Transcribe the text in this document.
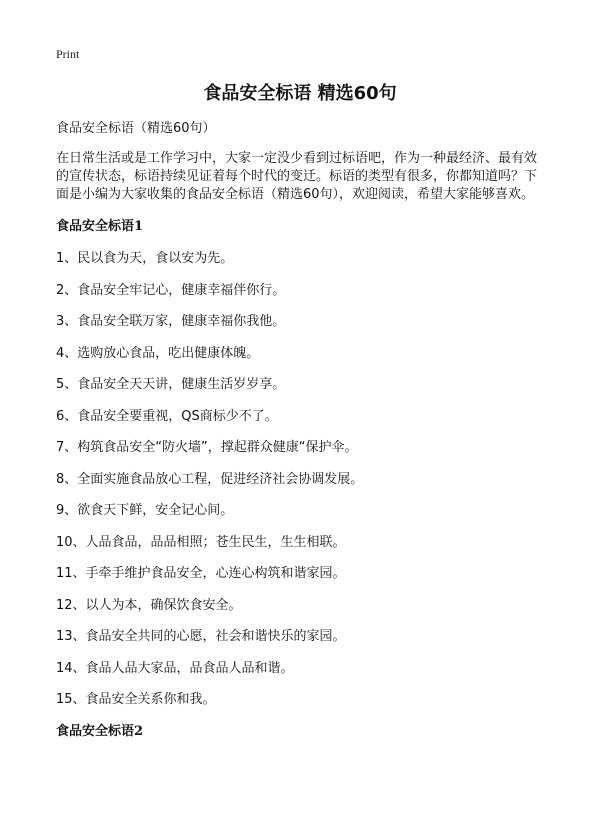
Print
食品安全标语 精选60句

食品安全标语（精选60句）

在日常生活或是工作学习中，大家一定没少看到过标语吧，作为一种最经济、最有效的宣传状态，标语持续见证着每个时代的变迁。标语的类型有很多，你都知道吗？下面是小编为大家收集的食品安全标语（精选60句），欢迎阅读，希望大家能够喜欢。

食品安全标语1
1、民以食为天，食以安为先。
2、食品安全牢记心，健康幸福伴你行。
3、食品安全联万家，健康幸福你我他。
4、选购放心食品，吃出健康体魄。
5、食品安全天天讲，健康生活岁岁享。
6、食品安全要重视，QS商标少不了。
7、构筑食品安全“防火墙”，撑起群众健康“保护伞。
8、全面实施食品放心工程，促进经济社会协调发展。
9、欲食天下鲜，安全记心间。
10、人品食品，品品相照；苍生民生，生生相联。
11、手牵手维护食品安全，心连心构筑和谐家园。
12、以人为本，确保饮食安全。
13、食品安全共同的心愿，社会和谐快乐的家园。
14、食品人品大家品，品食品人品和谐。
15、食品安全关系你和我。
食品安全标语2
